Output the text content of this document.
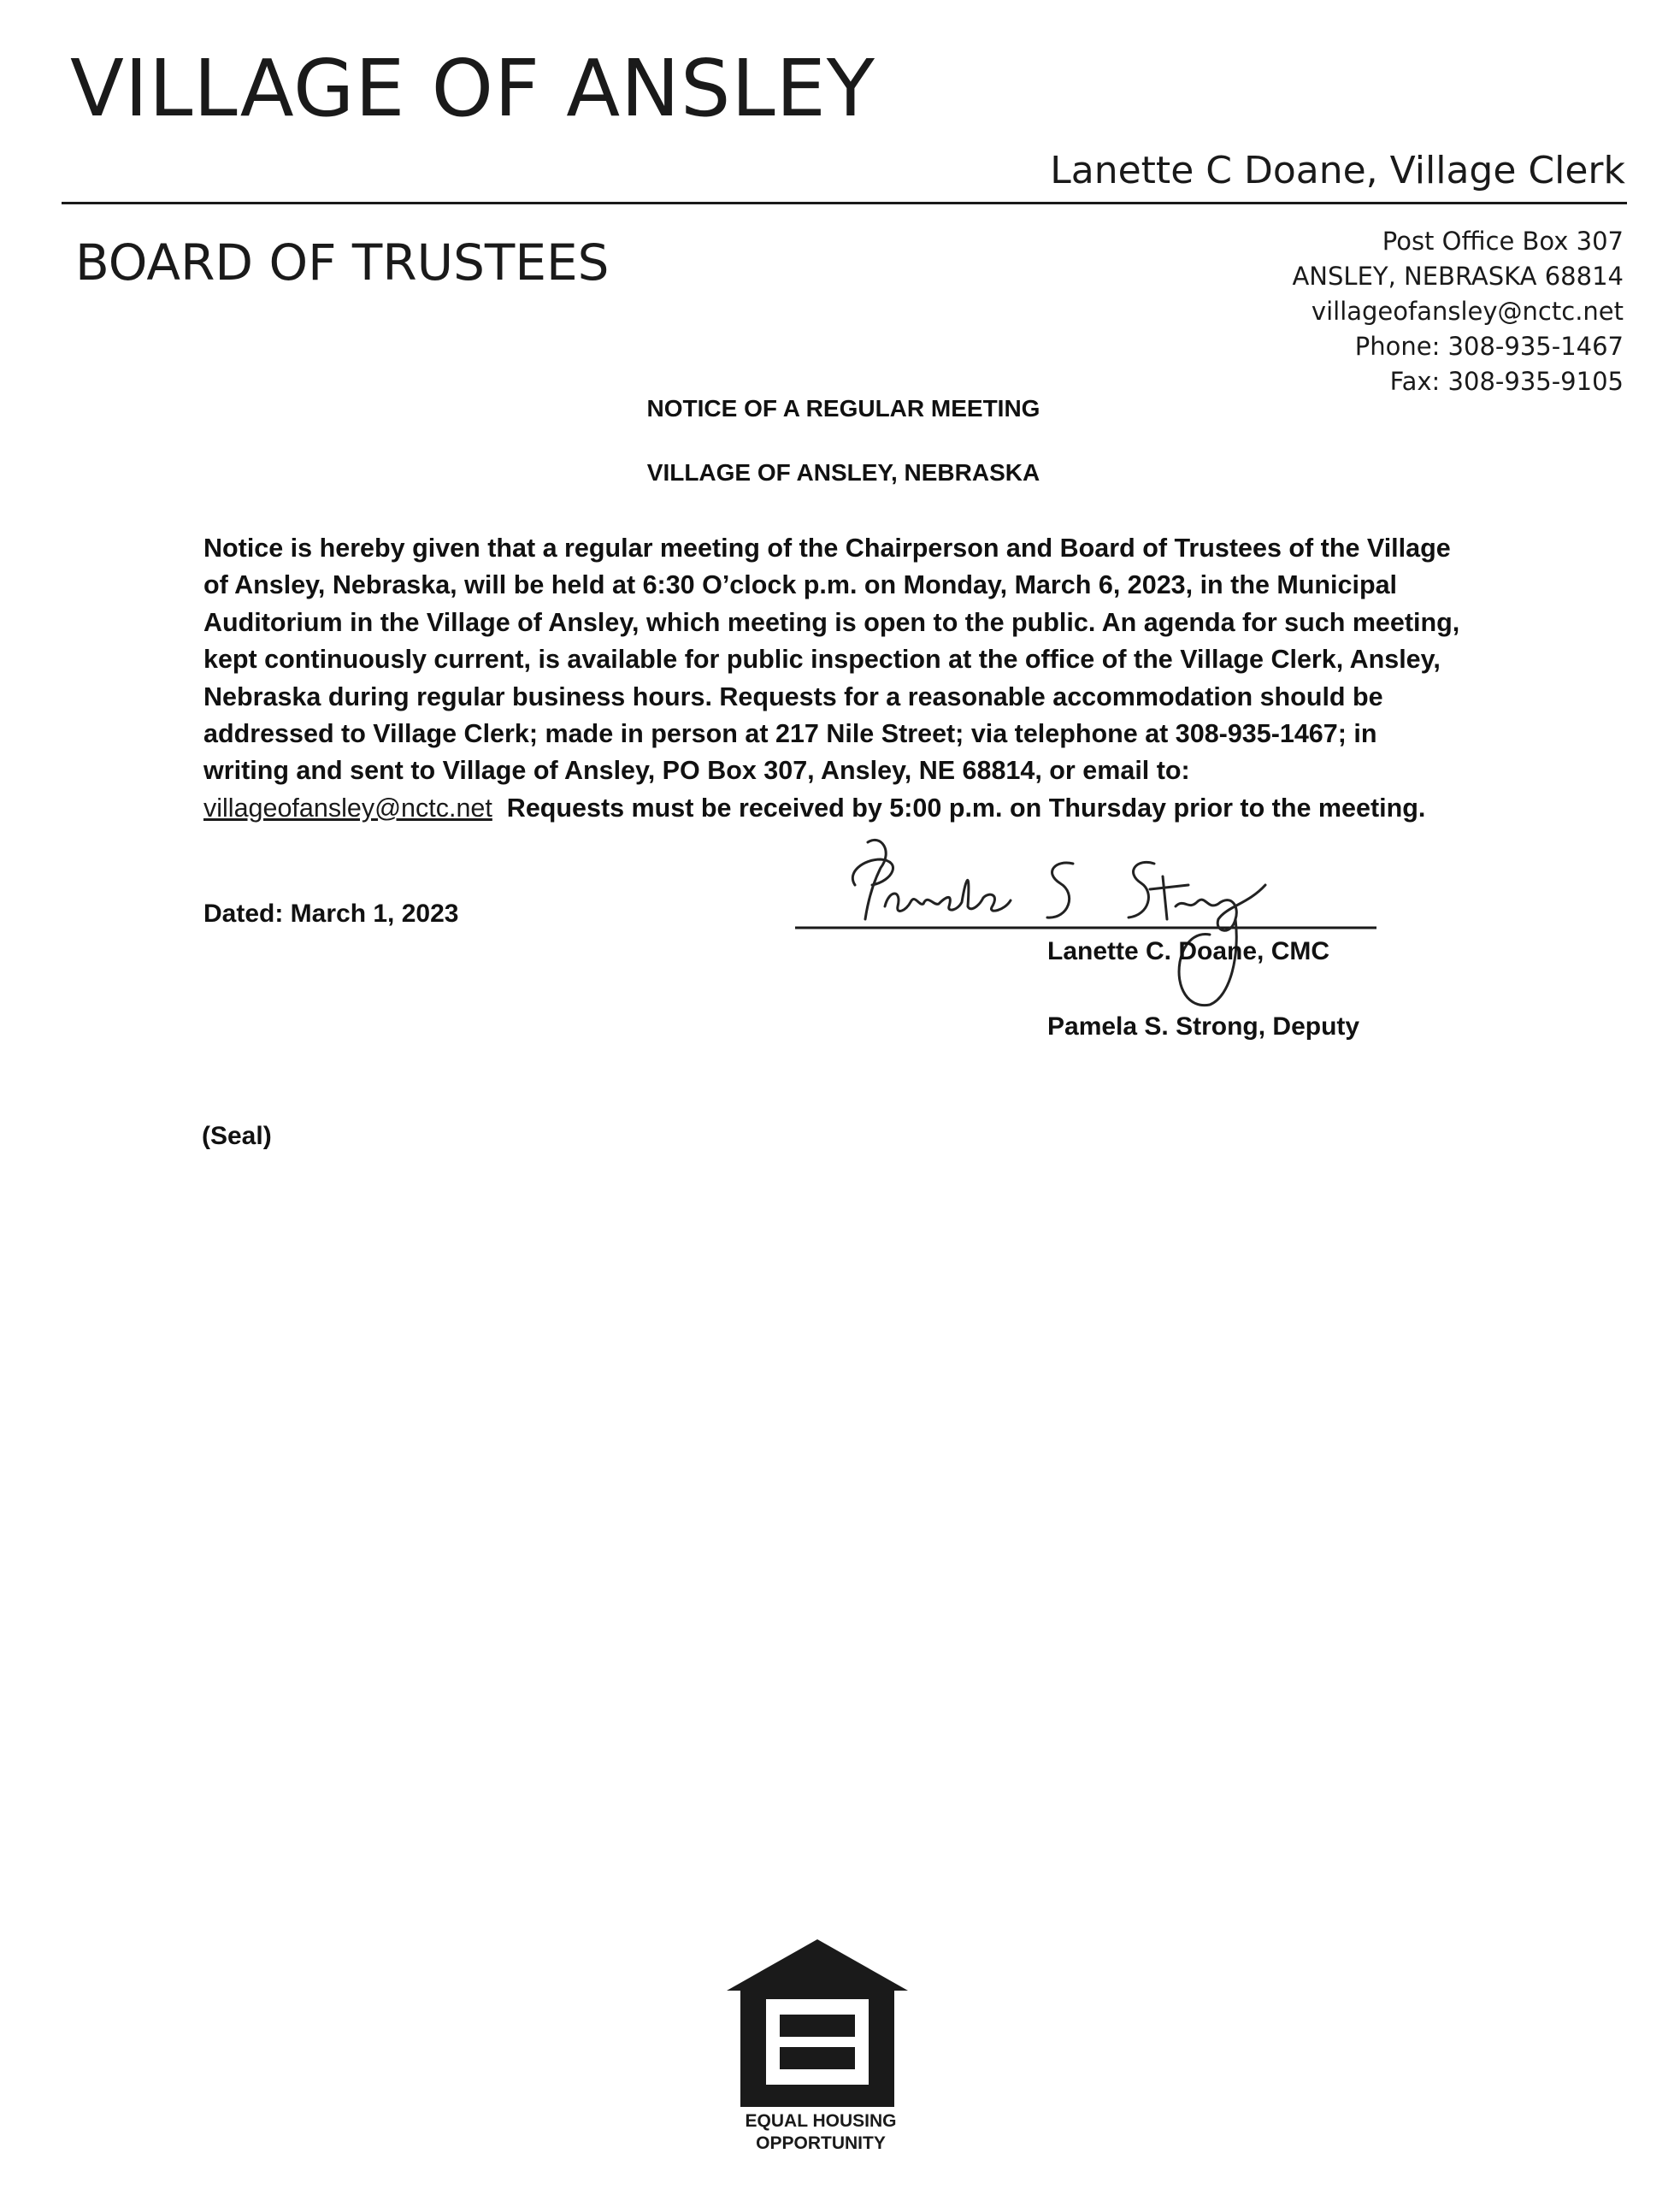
VILLAGE OF ANSLEY
Lanette C Doane, Village Clerk
BOARD OF TRUSTEES	Post Office Box 307
ANSLEY, NEBRASKA 68814
villageofansley@nctc.net
Phone: 308-935-1467
Fax: 308-935-9105
NOTICE OF A REGULAR MEETING
VILLAGE OF ANSLEY, NEBRASKA
Notice is hereby given that a regular meeting of the Chairperson and Board of Trustees of the Village
of Ansley, Nebraska, will be held at 6:30 O’clock p.m. on Monday, March 6, 2023, in the Municipal
Auditorium in the Village of Ansley, which meeting is open to the public. An agenda for such meeting,
kept continuously current, is available for public inspection at the office of the Village Clerk, Ansley,
Nebraska during regular business hours. Requests for a reasonable accommodation should be
addressed to Village Clerk; made in person at 217 Nile Street; via telephone at 308-935-1467; in
writing and sent to Village of Ansley, PO Box 307, Ansley, NE 68814, or email to:
villageofansley@nctc.net  Requests must be received by 5:00 p.m. on Thursday prior to the meeting.
Dated: March 1, 2023
Lanette C. Doane, CMC
Pamela S. Strong, Deputy
(Seal)
EQUAL HOUSING
OPPORTUNITY
